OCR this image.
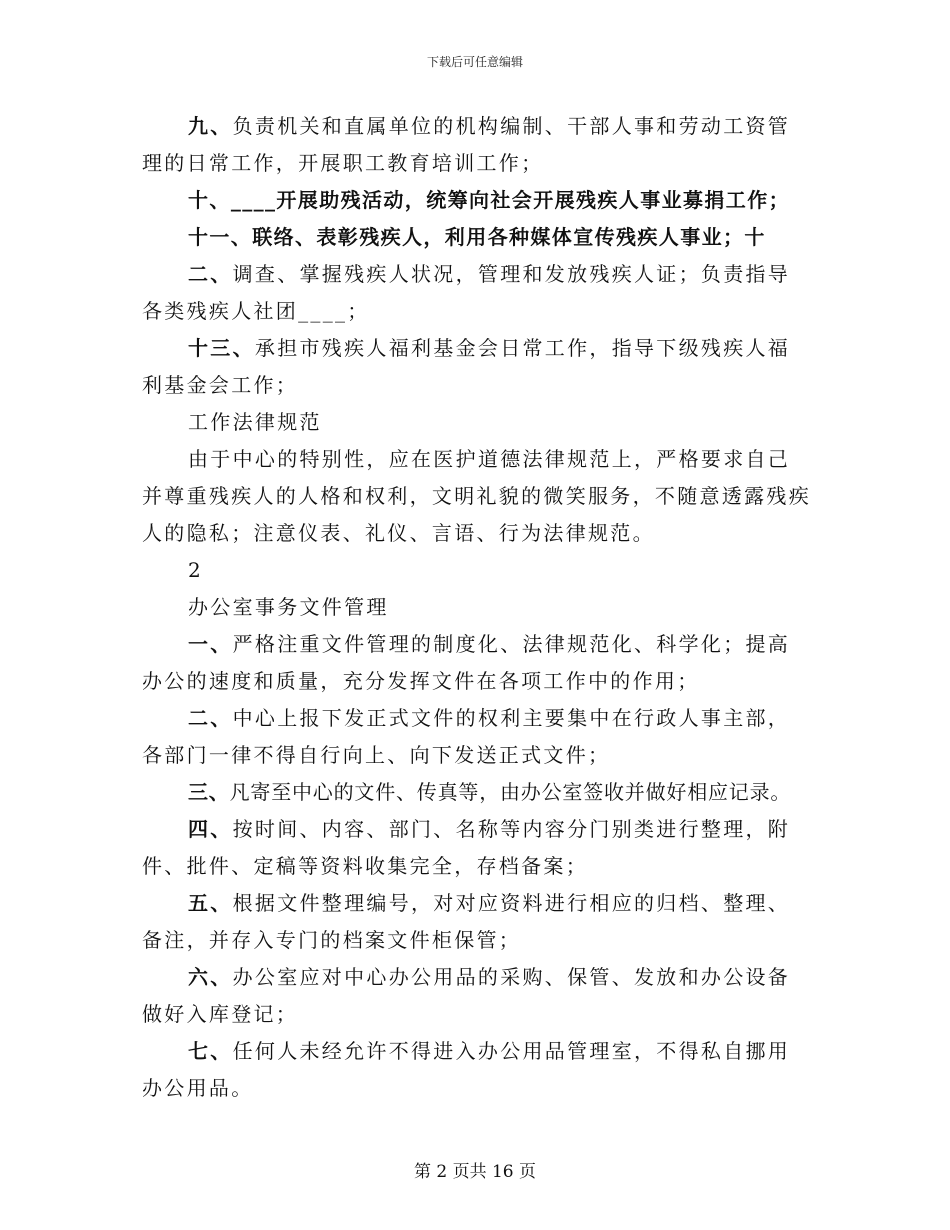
下载后可任意编辑

九、负责机关和直属单位的机构编制、干部人事和劳动工资管理的日常工作，开展职工教育培训工作；

十、____开展助残活动，统筹向社会开展残疾人事业募捐工作；

十一、联络、表彰残疾人，利用各种媒体宣传残疾人事业；十

二、调查、掌握残疾人状况，管理和发放残疾人证；负责指导各类残疾人社团____；

十三、承担市残疾人福利基金会日常工作，指导下级残疾人福利基金会工作；

工作法律规范

由于中心的特别性，应在医护道德法律规范上，严格要求自己并尊重残疾人的人格和权利，文明礼貌的微笑服务，不随意透露残疾人的隐私；注意仪表、礼仪、言语、行为法律规范。

2

办公室事务文件管理

一、严格注重文件管理的制度化、法律规范化、科学化；提高办公的速度和质量，充分发挥文件在各项工作中的作用；

二、中心上报下发正式文件的权利主要集中在行政人事主部，各部门一律不得自行向上、向下发送正式文件；

三、凡寄至中心的文件、传真等，由办公室签收并做好相应记录。

四、按时间、内容、部门、名称等内容分门别类进行整理，附件、批件、定稿等资料收集完全，存档备案；

五、根据文件整理编号，对对应资料进行相应的归档、整理、备注，并存入专门的档案文件柜保管；

六、办公室应对中心办公用品的采购、保管、发放和办公设备做好入库登记；

七、任何人未经允许不得进入办公用品管理室，不得私自挪用办公用品。

第 2 页共 16 页
